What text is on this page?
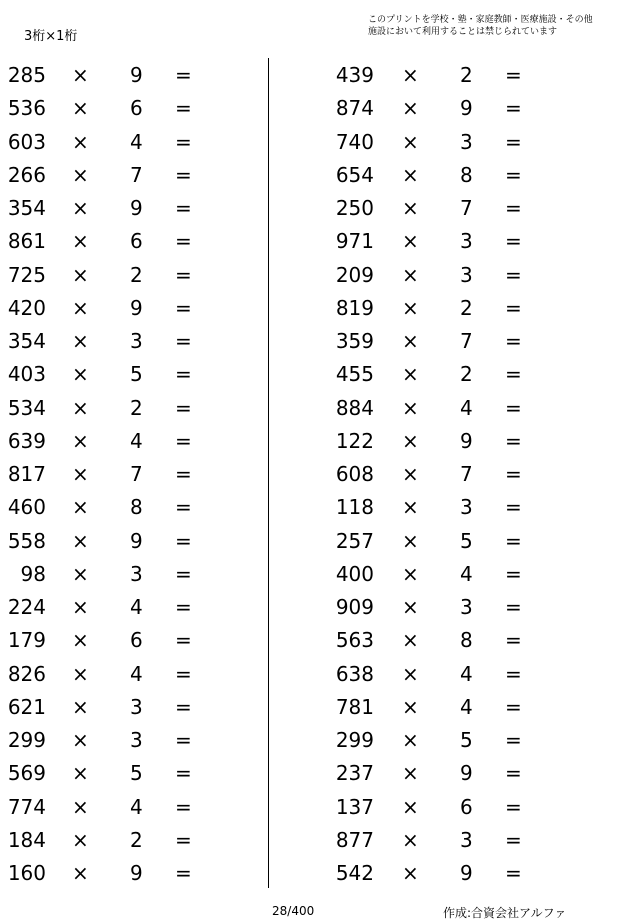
3桁×1桁
このプリントを学校・塾・家庭教師・医療施設・その他
施設において利用することは禁じられています
285 × 9 =
536 × 6 =
603 × 4 =
266 × 7 =
354 × 9 =
861 × 6 =
725 × 2 =
420 × 9 =
354 × 3 =
403 × 5 =
534 × 2 =
639 × 4 =
817 × 7 =
460 × 8 =
558 × 9 =
98 × 3 =
224 × 4 =
179 × 6 =
826 × 4 =
621 × 3 =
299 × 3 =
569 × 5 =
774 × 4 =
184 × 2 =
160 × 9 =
439 × 2 =
874 × 9 =
740 × 3 =
654 × 8 =
250 × 7 =
971 × 3 =
209 × 3 =
819 × 2 =
359 × 7 =
455 × 2 =
884 × 4 =
122 × 9 =
608 × 7 =
118 × 3 =
257 × 5 =
400 × 4 =
909 × 3 =
563 × 8 =
638 × 4 =
781 × 4 =
299 × 5 =
237 × 9 =
137 × 6 =
877 × 3 =
542 × 9 =
28/400	作成:合資会社アルファ
